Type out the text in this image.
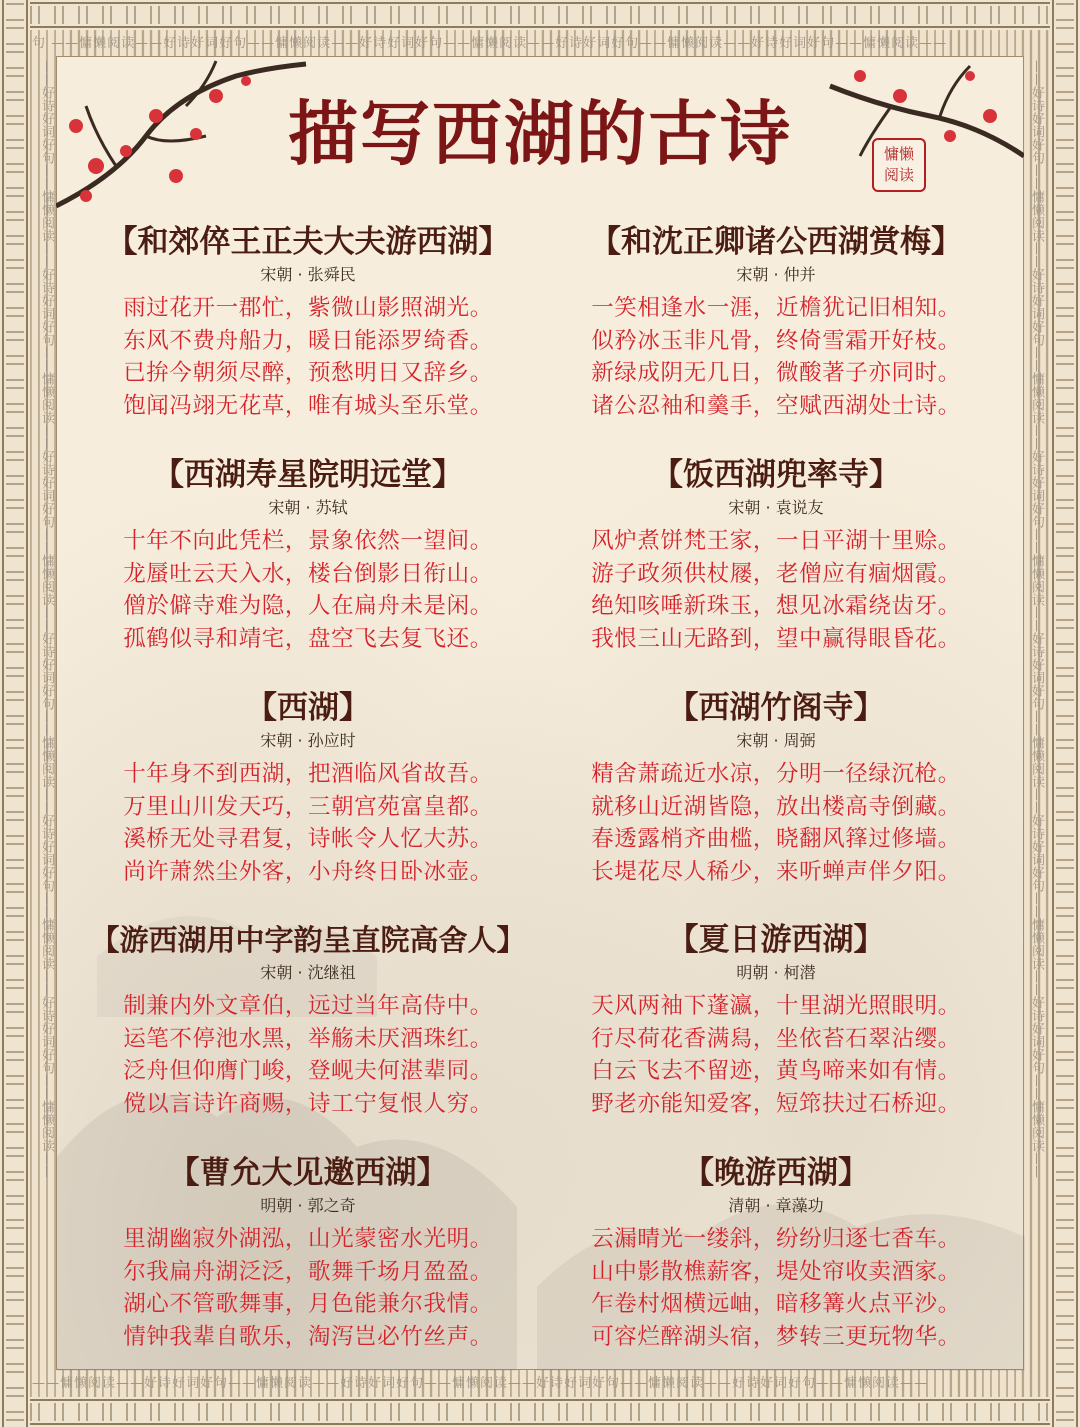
句 ——慵懒阅读——好诗好词好句——慵懒阅读——好诗好词好句——慵懒阅读——好诗好词好句——慵懒阅读——好诗好词好句——慵懒阅读——
——慵懒阅读——好诗好词好句——慵懒阅读——好诗好词好句——慵懒阅读——好诗好词好句——慵懒阅读——好诗好词好句——慵懒阅读——
——好诗好词好句——慵懒阅读——好诗好词好句——慵懒阅读——好诗好词好句——慵懒阅读——好诗好词好句——慵懒阅读——好诗好词好句——慵懒阅读——好诗好词好句——慵懒阅读——	——好诗好词好句——慵懒阅读——好诗好词好句——慵懒阅读——好诗好词好句——慵懒阅读——好诗好词好句——慵懒阅读——好诗好词好句——慵懒阅读——好诗好词好句——慵懒阅读——
描写西湖的古诗	慵懒
阅读
【和郊倅王正夫大夫游西湖】
宋朝 · 张舜民
雨过花开一郡忙，紫微山影照湖光。
东风不费舟船力，暖日能添罗绮香。
已拚今朝须尽醉，预愁明日又辞乡。
饱闻冯翊无花草，唯有城头至乐堂。
【和沈正卿诸公西湖赏梅】
宋朝 · 仲并
一笑相逢水一涯，近檐犹记旧相知。
似矜冰玉非凡骨，终倚雪霜开好枝。
新绿成阴无几日，微酸著子亦同时。
诸公忍袖和羹手，空赋西湖处士诗。
【西湖寿星院明远堂】
宋朝 · 苏轼
十年不向此凭栏，景象依然一望间。
龙蜃吐云天入水，楼台倒影日衔山。
僧於僻寺难为隐，人在扁舟未是闲。
孤鹤似寻和靖宅，盘空飞去复飞还。
【饭西湖兜率寺】
宋朝 · 袁说友
风炉煮饼梵王家，一日平湖十里赊。
游子政须供杖屦，老僧应有痼烟霞。
绝知咳唾新珠玉，想见冰霜绕齿牙。
我恨三山无路到，望中赢得眼昏花。
【西湖】
宋朝 · 孙应时
十年身不到西湖，把酒临风省故吾。
万里山川发天巧，三朝宫苑富皇都。
溪桥无处寻君复，诗帐令人忆大苏。
尚许萧然尘外客，小舟终日卧冰壶。
【西湖竹阁寺】
宋朝 · 周弼
精舍萧疏近水凉，分明一径绿沉枪。
就移山近湖皆隐，放出楼高寺倒藏。
春透露梢齐曲槛，晓翻风箨过修墙。
长堤花尽人稀少，来听蝉声伴夕阳。
【游西湖用中字韵呈直院高舍人】
宋朝 · 沈继祖
制兼内外文章伯，远过当年高侍中。
运笔不停池水黑，举觞未厌酒珠红。
泛舟但仰膺门峻，登岘夫何湛辈同。
傥以言诗许商赐，诗工宁复恨人穷。
【夏日游西湖】
明朝 · 柯潜
天风两袖下蓬瀛，十里湖光照眼明。
行尽荷花香满舄，坐依苔石翠沾缨。
白云飞去不留迹，黄鸟啼来如有情。
野老亦能知爱客，短筇扶过石桥迎。
【曹允大见邀西湖】
明朝 · 郭之奇
里湖幽寂外湖泓，山光蒙密水光明。
尔我扁舟湖泛泛，歌舞千场月盈盈。
湖心不管歌舞事，月色能兼尔我情。
情钟我辈自歌乐，淘泻岂必竹丝声。
【晚游西湖】
清朝 · 章藻功
云漏晴光一缕斜，纷纷归逐七香车。
山中影散樵薪客，堤处帘收卖酒家。
乍卷村烟横远岫，暗移篝火点平沙。
可容烂醉湖头宿，梦转三更玩物华。
